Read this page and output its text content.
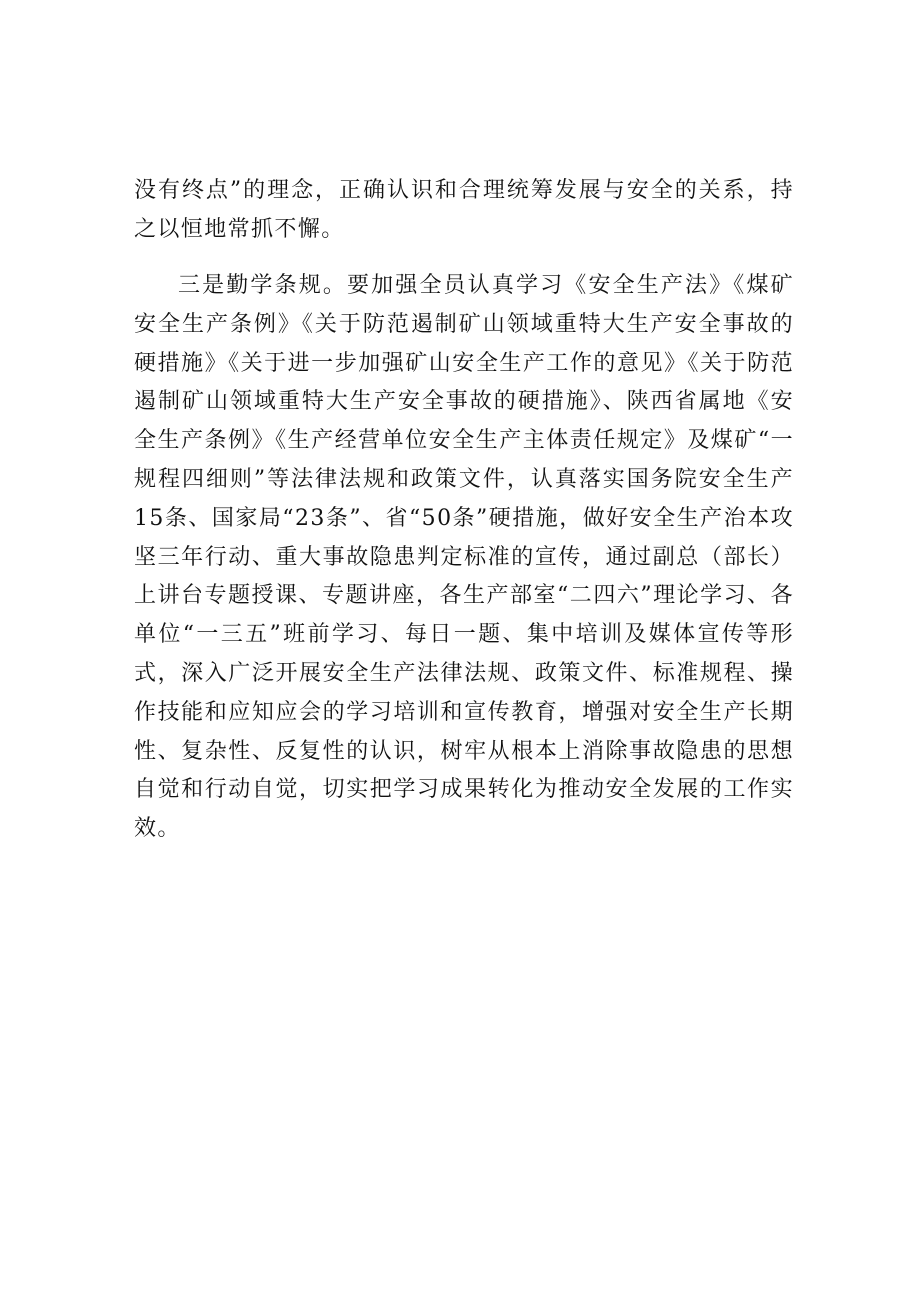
没有终点”的理念，正确认识和合理统筹发展与安全的关系，持之以恒地常抓不懈。

三是勤学条规。要加强全员认真学习《安全生产法》《煤矿安全生产条例》《关于防范遏制矿山领域重特大生产安全事故的硬措施》《关于进一步加强矿山安全生产工作的意见》《关于防范遏制矿山领域重特大生产安全事故的硬措施》、陕西省属地《安全生产条例》《生产经营单位安全生产主体责任规定》及煤矿“一规程四细则”等法律法规和政策文件，认真落实国务院安全生产15条、国家局“23条”、省“50条”硬措施，做好安全生产治本攻坚三年行动、重大事故隐患判定标准的宣传，通过副总（部长）上讲台专题授课、专题讲座，各生产部室“二四六”理论学习、各单位“一三五”班前学习、每日一题、集中培训及媒体宣传等形式，深入广泛开展安全生产法律法规、政策文件、标准规程、操作技能和应知应会的学习培训和宣传教育，增强对安全生产长期性、复杂性、反复性的认识，树牢从根本上消除事故隐患的思想自觉和行动自觉，切实把学习成果转化为推动安全发展的工作实效。
